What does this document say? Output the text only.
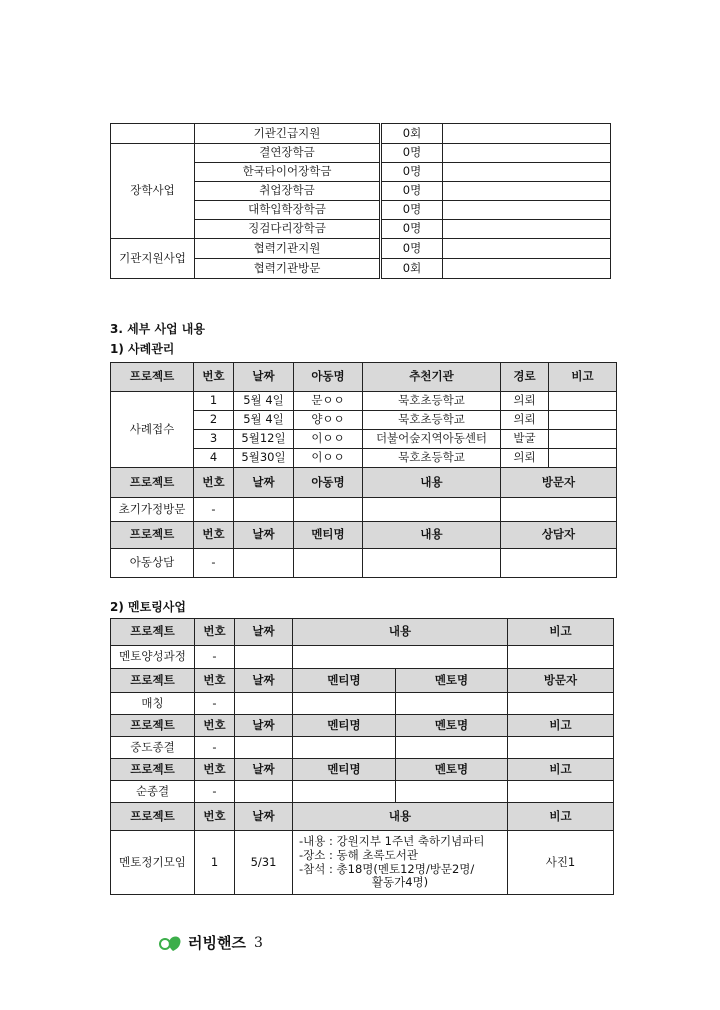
	기관긴급지원	0회	
장학사업	결연장학금	0명	
	한국타이어장학금	0명	
	취업장학금	0명	
	대학입학장학금	0명	
	징검다리장학금	0명	
기관지원사업	협력기관지원	0명	
	협력기관방문	0회	
3. 세부 사업 내용
1) 사례관리
프로젝트	번호	날짜	아동명	추천기관	경로	비고
사례접수	1	5월 4일	문ㅇㅇ	묵호초등학교	의뢰	
	2	5월 4일	양ㅇㅇ	묵호초등학교	의뢰	
	3	5월12일	이ㅇㅇ	더불어숲지역아동센터	발굴	
	4	5월30일	이ㅇㅇ	묵호초등학교	의뢰	
프로젝트	번호	날짜	아동명	내용	방문자	
초기가정방문	-					
프로젝트	번호	날짜	멘티명	내용	상담자	
아동상담	-					
2) 멘토링사업
프로젝트	번호	날짜	내용		비고
멘토양성과정	-				
프로젝트	번호	날짜	멘티명	멘토명	방문자
매칭	-				
프로젝트	번호	날짜	멘티명	멘토명	비고
중도종결	-				
프로젝트	번호	날짜	멘티명	멘토명	비고
순종결	-				
프로젝트	번호	날짜	내용		비고
멘토정기모임	1	5/31	-내용 : 강원지부 1주년 축하기념파티
-장소 : 동해 초록도서관
-참석 : 총18명(멘토12명/방문2명/
활동가4명)		사진1
러빙핸즈 3
